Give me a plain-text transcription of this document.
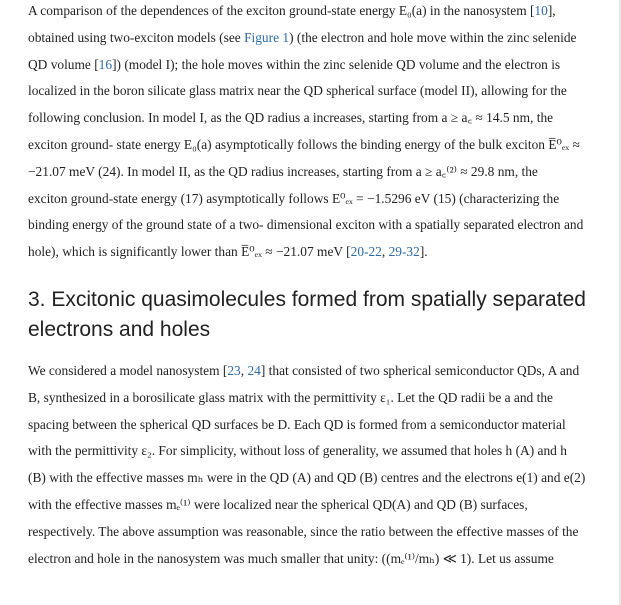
A comparison of the dependences of the exciton ground-state energy E₀(a) in the nanosystem [10],
obtained using two-exciton models (see Figure 1) (the electron and hole move within the zinc selenide
QD volume [16]) (model I); the hole moves within the zinc selenide QD volume and the electron is
localized in the boron silicate glass matrix near the QD spherical surface (model II), allowing for the
following conclusion. In model I, as the QD radius a increases, starting from a ≥ a꜀ ≈ 14.5 nm, the
exciton ground- state energy E₀(a) asymptotically follows the binding energy of the bulk exciton E̅⁰ₑₓ ≈
−21.07 meV (24). In model II, as the QD radius increases, starting from a ≥ a꜀⁽²⁾ ≈ 29.8 nm, the
exciton ground-state energy (17) asymptotically follows E⁰ₑₓ = −1.5296 eV (15) (characterizing the
binding energy of the ground state of a two- dimensional exciton with a spatially separated electron and
hole), which is significantly lower than E̅⁰ₑₓ ≈ −21.07 meV [20-22, 29-32].

3. Excitonic quasimolecules formed from spatially separated electrons and holes

We considered a model nanosystem [23, 24] that consisted of two spherical semiconductor QDs, A and
B, synthesized in a borosilicate glass matrix with the permittivity ε₁. Let the QD radii be a and the
spacing between the spherical QD surfaces be D. Each QD is formed from a semiconductor material
with the permittivity ε₂. For simplicity, without loss of generality, we assumed that holes h (A) and h
(B) with the effective masses mₕ were in the QD (A) and QD (B) centres and the electrons e(1) and e(2)
with the effective masses mₑ⁽¹⁾ were localized near the spherical QD(A) and QD (B) surfaces,
respectively. The above assumption was reasonable, since the ratio between the effective masses of the
electron and hole in the nanosystem was much smaller that unity: ((mₑ⁽¹⁾/mₕ) ≪ 1). Let us assume
